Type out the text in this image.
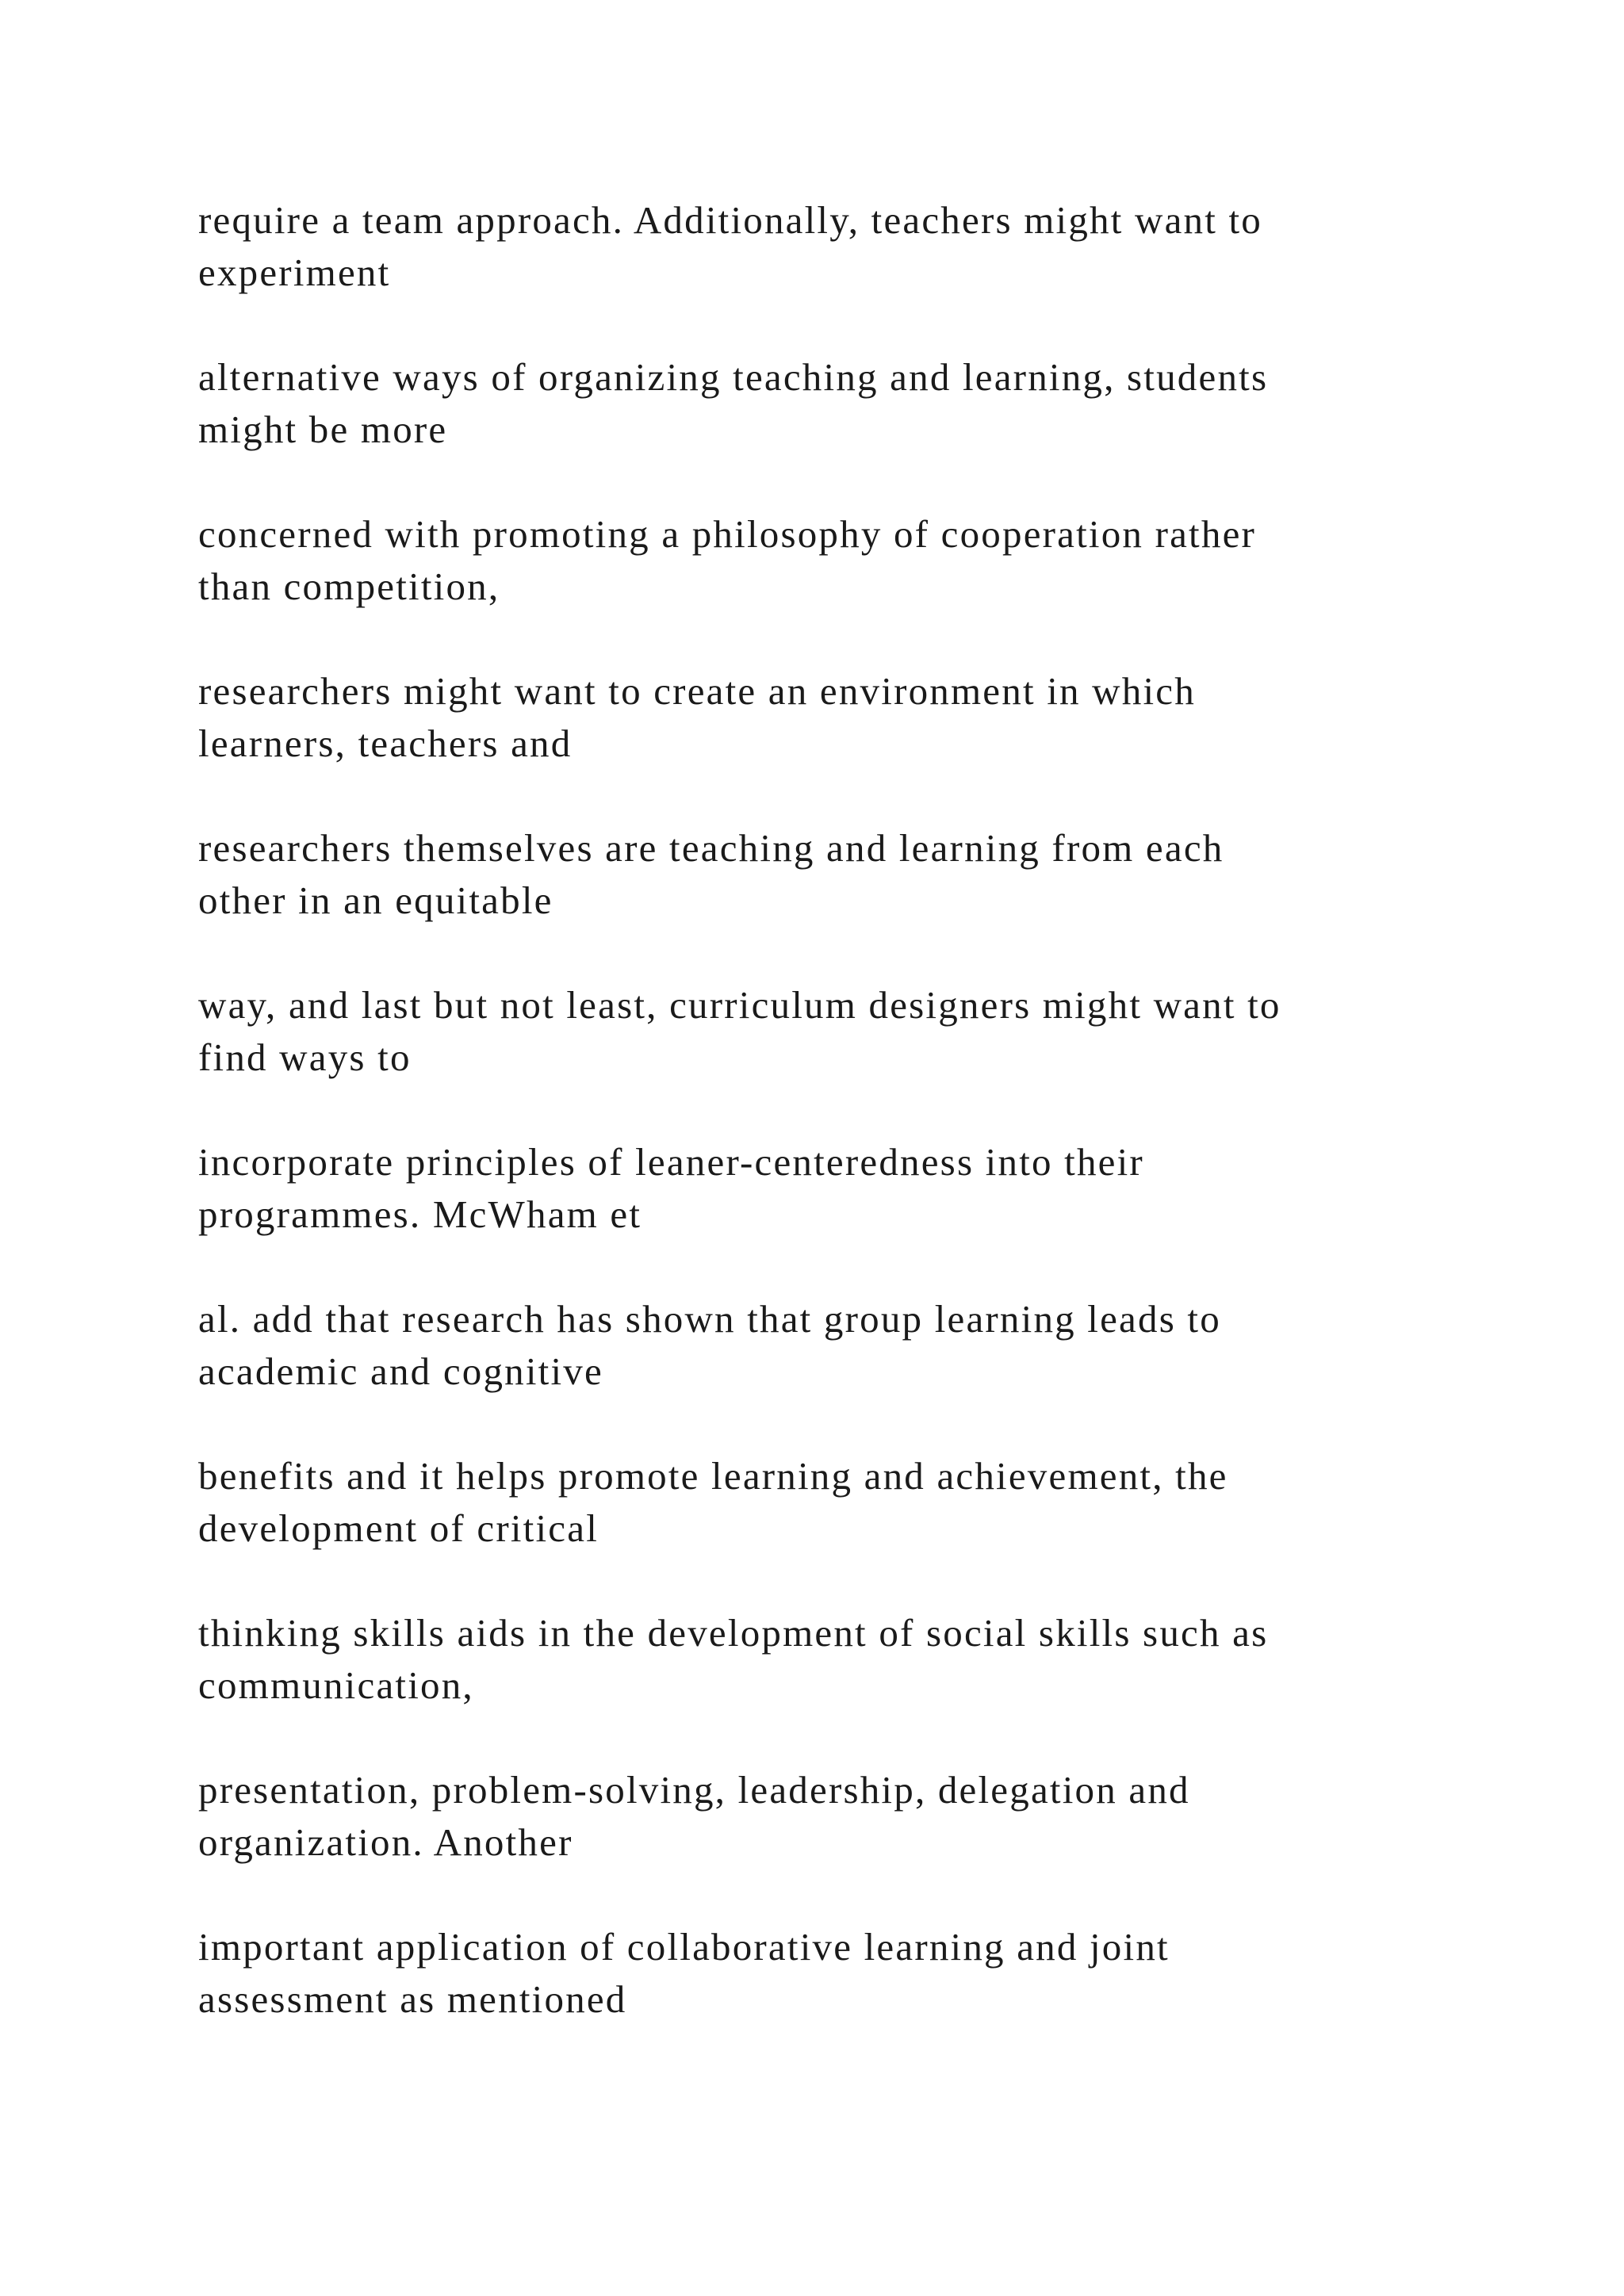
require a team approach. Additionally, teachers might want to
experiment

alternative ways of organizing teaching and learning, students
might be more

concerned with promoting a philosophy of cooperation rather
than competition,

researchers might want to create an environment in which
learners, teachers and

researchers themselves are teaching and learning from each
other in an equitable

way, and last but not least, curriculum designers might want to
find ways to

incorporate principles of leaner-centeredness into their
programmes. McWham et

al. add that research has shown that group learning leads to
academic and cognitive

benefits and it helps promote learning and achievement, the
development of critical

thinking skills aids in the development of social skills such as
communication,

presentation, problem-solving, leadership, delegation and
organization. Another

important application of collaborative learning and joint
assessment as mentioned
